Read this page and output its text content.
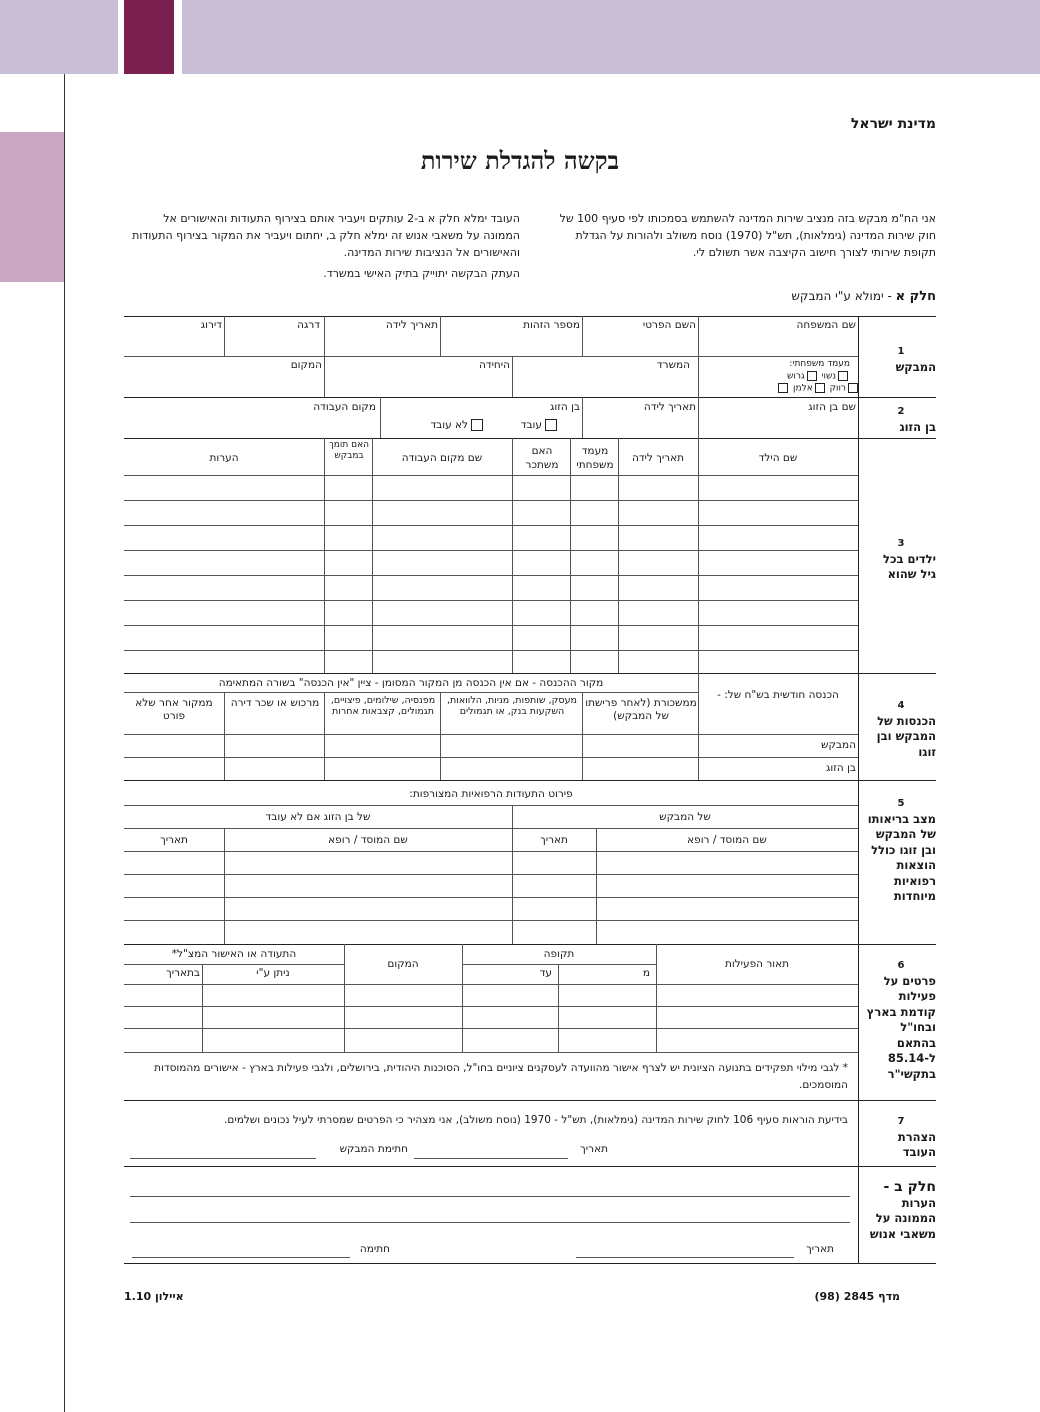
מדינת ישראל
בקשה להגדלת שירות
אני הח"מ מבקש בזה מנציב שירות המדינה להשתמש בסמכותו לפי סעיף 100 של חוק שירות המדינה (גימלאות), תש"ל (1970) נוסח משולב ולהורות על הגדלת תקופת שירותי לצורך חישוב הקיצבה אשר תשולם לי.
העובד ימלא חלק א ב-2 עותקים ויעביר אותם בצירוף התעודות והאישורים אל הממונה על משאבי אנוש זה ימלא חלק ב, יחתום ויעביר את המקור בצירוף התעודות והאישורים אל הנציבות שירות המדינה.
העתק הבקשה יתוייק בתיק האישי במשרד.
חלק א - ימולא ע"י המבקש
1
המבקש
שם המשפחה
השם הפרטי
מספר הזהות
תאריך לידה
דרגה
דירוג
מעמד משפחתי:
נשוי גרוש
רווק אלמן
המשרד
היחידה
המקום
2
בן הזוג
שם בן הזוג
תאריך לידה
בן הזוג
עובד
לא עובד
מקום העבודה
3
ילדים בכל גיל שהוא
שם הילד
תאריך לידה
מעמד משפחתי
האם משתכר
שם מקום העבודה
האם תומך במבקש
הערות
4
הכנסות של המבקש ובן זוגו
הכנסה חודשית בש"ח של: -
מקור ההכנסה - אם אין הכנסה מן המקור המסומן - ציין "אין הכנסה" בשורה המתאימה
ממשכורת (לאחר פרישתו של המבקש)
מעסק, שותפות, מניות, הלוואות, השקעות בנק, או תגמולים
מפנסיה, שילומים, פיצויים, תגמולים, קצבאות אחרות
מרכוש או שכר דירה
ממקור אחר שלא פורט
המבקש
בן הזוג
5
מצב בריאותו של המבקש ובן זוגו כולל הוצאות רפואיות מיוחדות
פירוט התעודות הרפואיות המצורפות:
של המבקש
של בן הזוג אם לא עובד
שם המוסד / רופא
תאריך
שם המוסד / רופא
תאריך
6
פרטים על פעילות קודמת בארץ ובחו"ל בהתאם ל-85.14 בתקשי"ר
תאור הפעילות
תקופה
מ
עד
המקום
התעודה או האישור המצ"ל*
ניתן ע"י
בתאריך
* לגבי מילוי תפקידים בתנועה הציונית יש לצרף אישור מהוועדה לעסקנים ציוניים בחו"ל, הסוכנות היהודית, בירושלים, ולגבי פעילות בארץ - אישורים מהמוסדות המוסמכים.
7
הצהרת העובד
בידיעת הוראות סעיף 106 לחוק שירות המדינה (גימלאות), תש"ל - 1970 (נוסח משולב), אני מצהיר כי הפרטים שמסרתי לעיל נכונים ושלמים.
תאריך
חתימת המבקש
חלק ב -
הערות הממונה על משאבי אנוש
תאריך
חתימה
איילון 1.10	מדף 2845 (98)
